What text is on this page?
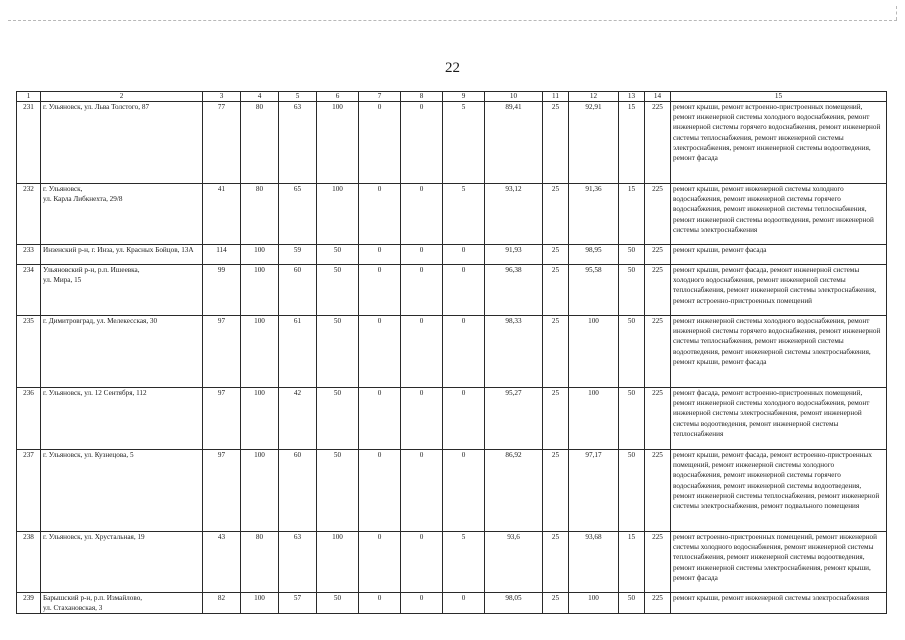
22
1	2	3	4	5	6	7	8	9	10	11	12	13	14	15
231	г. Ульяновск, ул. Льва Толстого, 87	77	80	63	100	0	0	5	89,41	25	92,91	15	225	ремонт крыши, ремонт встроенно-пристроенных помещений, ремонт инженерной системы холодного водоснабжения, ремонт инженерной системы горячего водоснабжения, ремонт инженерной системы теплоснабжения, ремонт инженерной системы электроснабжения, ремонт инженерной системы водоотведения, ремонт фасада
232	г. Ульяновск,
ул. Карла Либкнехта, 29/8	41	80	65	100	0	0	5	93,12	25	91,36	15	225	ремонт крыши, ремонт инженерной системы холодного водоснабжения, ремонт инженерной системы горячего водоснабжения, ремонт инженерной системы теплоснабжения, ремонт инженерной системы водоотведения, ремонт инженерной системы электроснабжения
233	Инзенский р-н, г. Инза, ул. Красных Бойцов, 13А	114	100	59	50	0	0	0	91,93	25	98,95	50	225	ремонт крыши, ремонт фасада
234	Ульяновский р-н, р.п. Ишеевка,
ул. Мира, 15	99	100	60	50	0	0	0	96,38	25	95,58	50	225	ремонт крыши, ремонт фасада, ремонт инженерной системы холодного водоснабжения, ремонт инженерной системы теплоснабжения, ремонт инженерной системы электроснабжения, ремонт встроенно-пристроенных помещений
235	г. Димитровград, ул. Мелекесская, 30	97	100	61	50	0	0	0	98,33	25	100	50	225	ремонт инженерной системы холодного водоснабжения, ремонт инженерной системы горячего водоснабжения, ремонт инженерной системы теплоснабжения, ремонт инженерной системы водоотведения, ремонт инженерной системы электроснабжения, ремонт крыши, ремонт фасада
236	г. Ульяновск, ул. 12 Сентября, 112	97	100	42	50	0	0	0	95,27	25	100	50	225	ремонт фасада, ремонт встроенно-пристроенных помещений, ремонт инженерной системы холодного водоснабжения, ремонт инженерной системы электроснабжения, ремонт инженерной системы водоотведения, ремонт инженерной системы теплоснабжения
237	г. Ульяновск, ул. Кузнецова, 5	97	100	60	50	0	0	0	86,92	25	97,17	50	225	ремонт крыши, ремонт фасада, ремонт встроенно-пристроенных помещений, ремонт инженерной системы холодного водоснабжения, ремонт инженерной системы горячего водоснабжения, ремонт инженерной системы водоотведения, ремонт инженерной системы теплоснабжения, ремонт инженерной системы электроснабжения, ремонт подвального помещения
238	г. Ульяновск, ул. Хрустальная, 19	43	80	63	100	0	0	5	93,6	25	93,68	15	225	ремонт встроенно-пристроенных помещений, ремонт инженерной системы холодного водоснабжения, ремонт инженерной системы теплоснабжения, ремонт инженерной системы водоотведения, ремонт инженерной системы электроснабжения, ремонт крыши, ремонт фасада
239	Барышский р-н, р.п. Измайлово,
ул. Стахановская, 3	82	100	57	50	0	0	0	98,05	25	100	50	225	ремонт крыши, ремонт инженерной системы электроснабжения
